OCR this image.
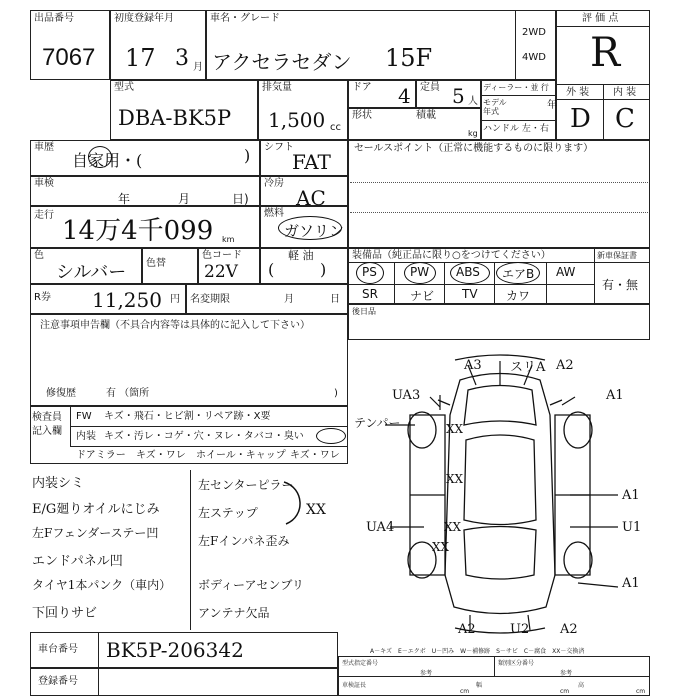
出品番号
7067
初度登録年月
17 3 月
車名・グレード
アクセラセダン 15F
2WD
4WD
評 価 点
R
外 装 内 装
D C
型式
DBA-BK5P
排気量
1,500 cc
ドア 4 定員 5 人
ディーラー・並 行
モデル 年式
年
ハンドル 左・右
形状	積載
kg
車歴
自家用・(	) シフト
FAT
車検
年	月	日)
冷房
AC
走行
14万4千099 km
燃料
ガソリン
色
シルバー 色替
色コード
22V
軽 油
(         )
R券 11,250 円 名変期限	月	日
注意事項申告欄（不具合内容等は具体的に記入して下さい）
修復歴	有 （箇所	)
検査員
記入欄
FW キズ・飛石・ヒビ割・リペア跡・X要
内装 キズ・汚レ・コゲ・穴・ヌレ・タバコ・臭い
ドアミラー キズ・ワレ ホイール・キャップ キズ・ワレ
内装シミ
E/G廻りオイルにじみ
左Fフェンダーステー凹
エンドパネル凹
タイヤ1本パンク（車内）
下回りサビ
左センターピラー
左ステップ
左Fインパネ歪み
ボディーアセンブリ
アンテナ欠品
XX
セールスポイント（正常に機能するものに限ります）
装備品（純正品に限り○をつけてください）	新車保証書
有・無
PS	PW ABS エアB AW
SR	ナビ TV カワ
後日品
A3 スリA A2
UA3	A1
A1
U1
A1
UA4
A2	U2 A2
テンパー	XX
XX
XX
XX
A－キズ　E－エクボ　U－凹み　W－補修跡　S－サビ　C－腐食　XX－交換済
車台番号 BK5P-206342
登録番号
型式指定番号	類別区分番号
参考	参考
車検証長	幅	高
cm	cm	cm
